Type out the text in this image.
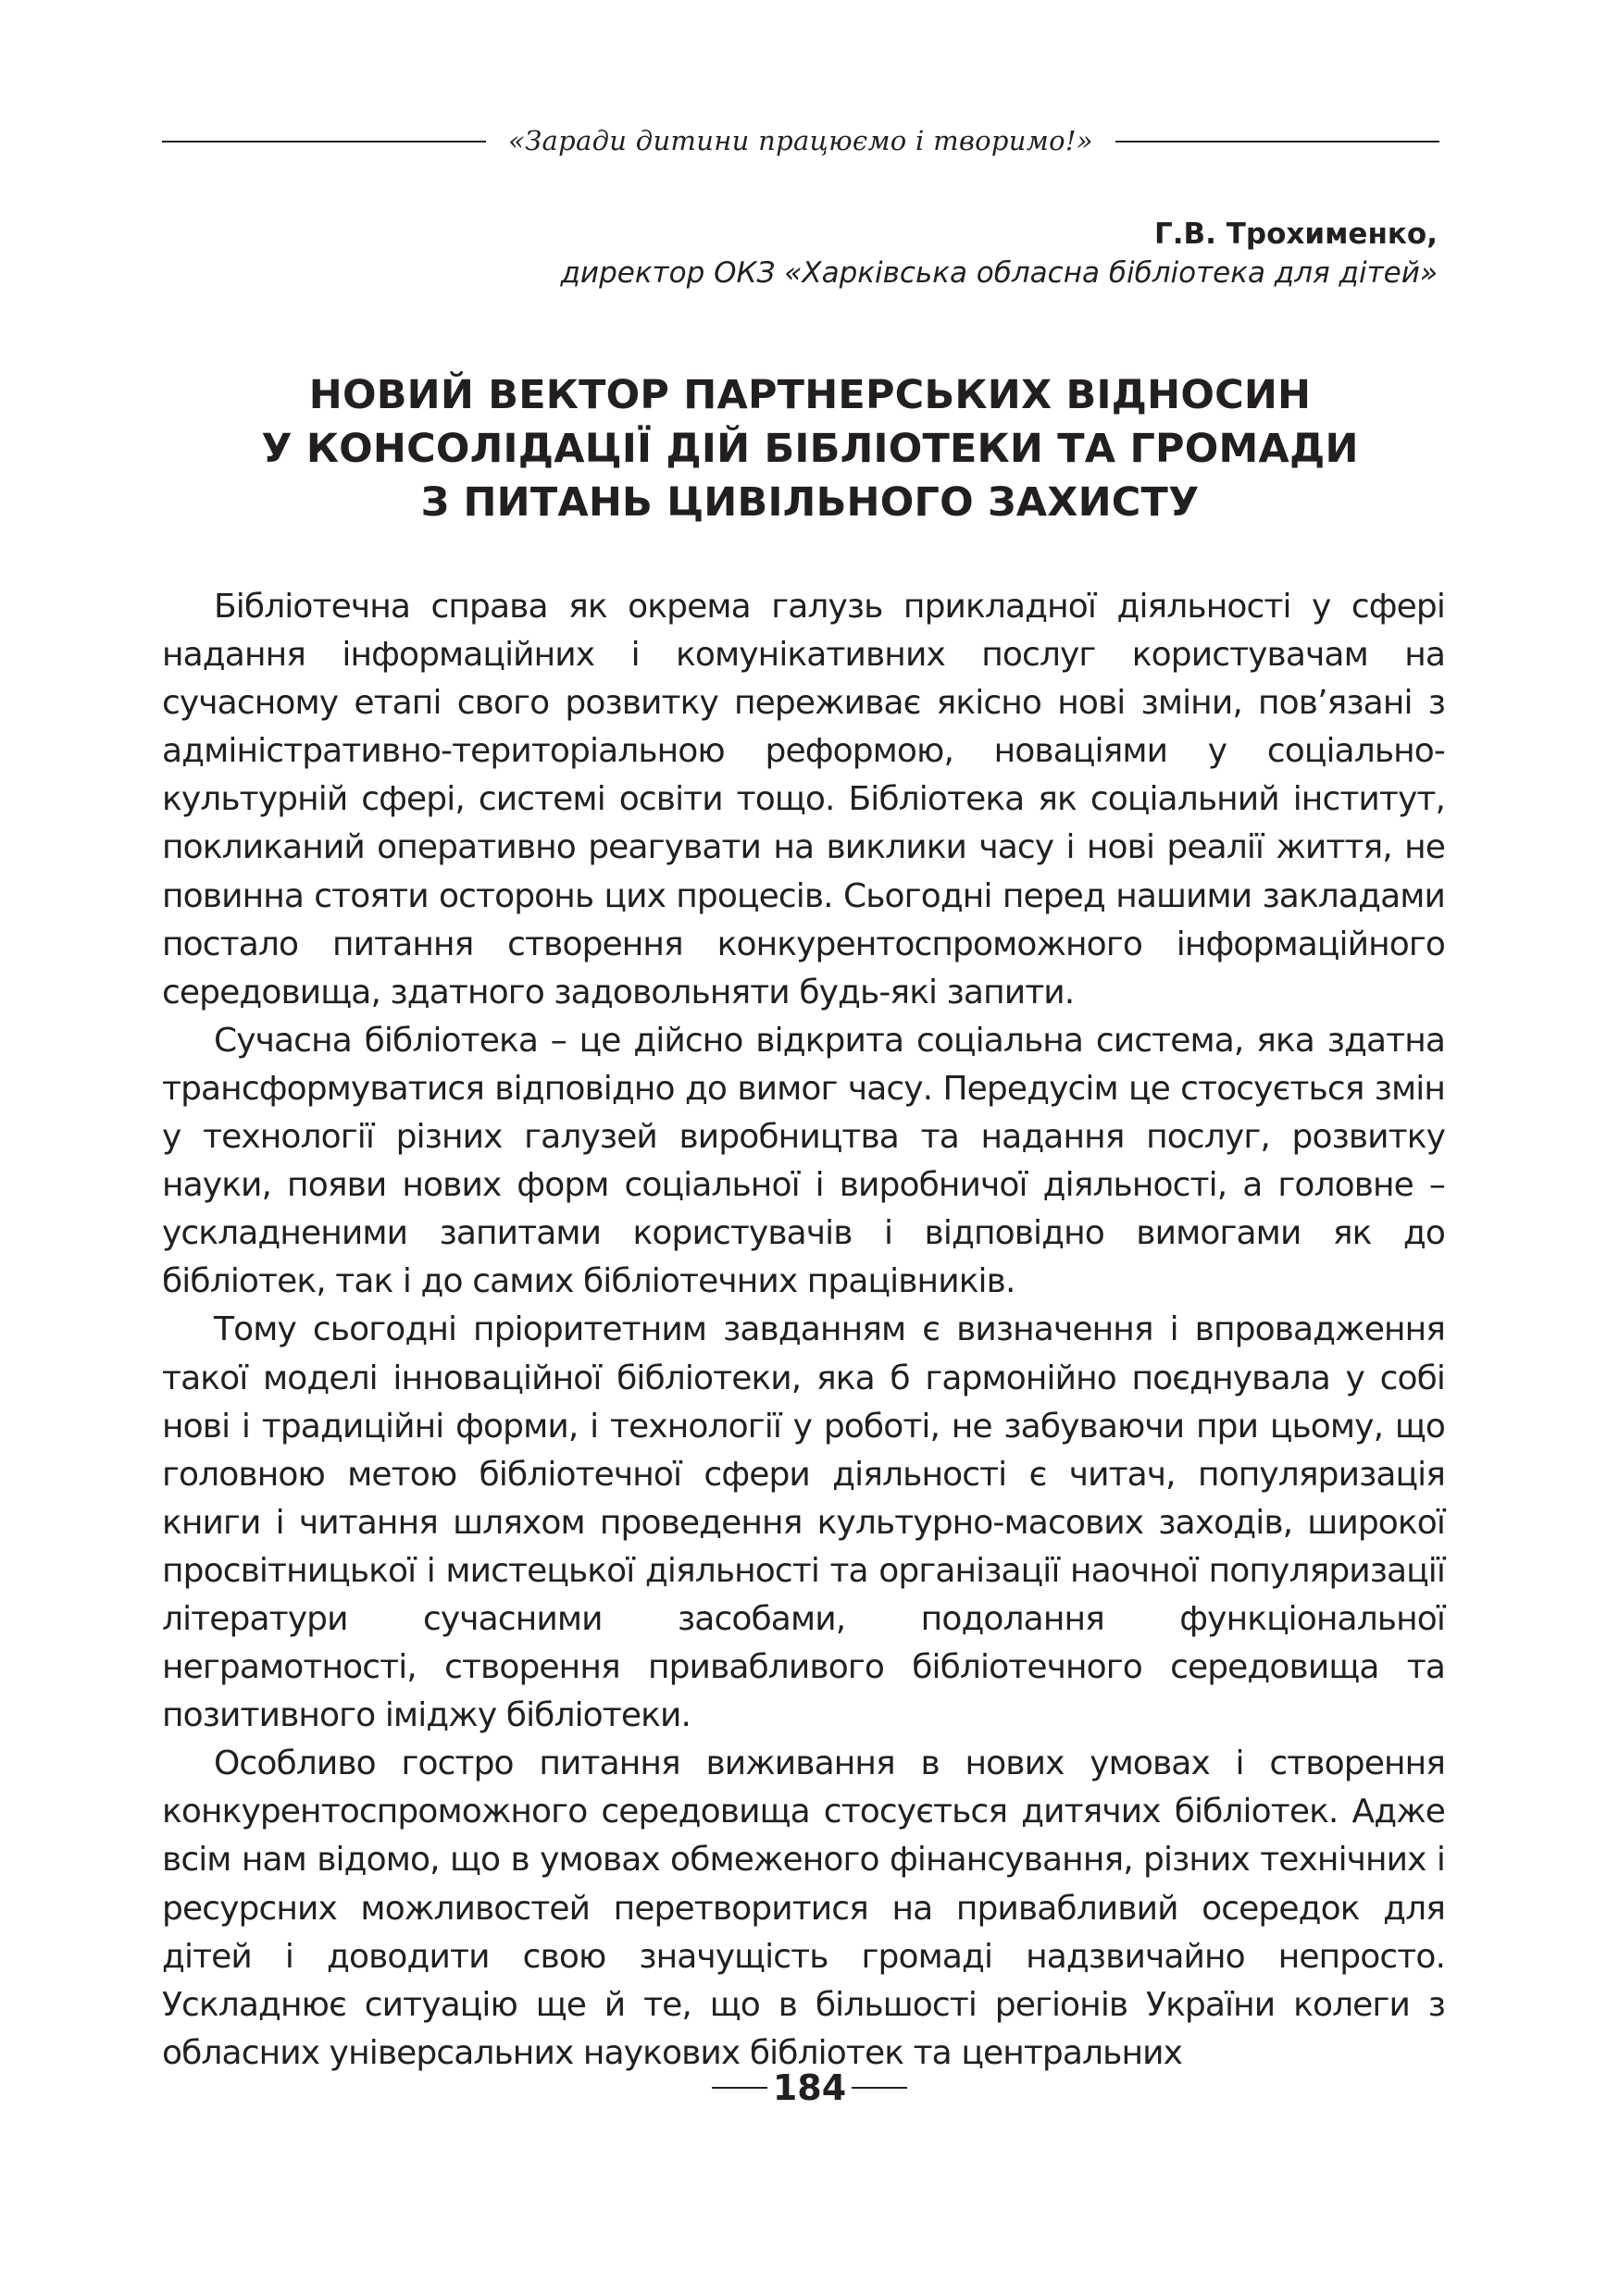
«Заради дитини працюємо і творимо!»
Г.В. Трохименко,
директор ОКЗ «Харківська обласна бібліотека для дітей»
НОВИЙ ВЕКТОР ПАРТНЕРСЬКИХ ВІДНОСИН
У КОНСОЛІДАЦІЇ ДІЙ БІБЛІОТЕКИ ТА ГРОМАДИ
З ПИТАНЬ ЦИВІЛЬНОГО ЗАХИСТУ

Бібліотечна справа як окрема галузь прикладної діяльності у сфері надання інформаційних і комунікативних послуг користувачам на сучасному етапі свого розвитку переживає якісно нові зміни, пов’язані з адміністративно-територіальною реформою, новаціями у соціально-культурній сфері, системі освіти тощо. Бібліотека як соціальний інститут, покликаний оперативно реагувати на виклики часу і нові реалії життя, не повинна стояти осторонь цих процесів. Сьогодні перед нашими закладами постало питання створення конкурентоспроможного інформаційного середовища, здатного задовольняти будь-які запити.

Сучасна бібліотека – це дійсно відкрита соціальна система, яка здатна трансформуватися відповідно до вимог часу. Передусім це стосується змін у технології різних галузей виробництва та надання послуг, розвитку науки, появи нових форм соціальної і виробничої діяльності, а головне – ускладненими запитами користувачів і відповідно вимогами як до бібліотек, так і до самих бібліотечних працівників.

Тому сьогодні пріоритетним завданням є визначення і впровадження такої моделі інноваційної бібліотеки, яка б гармонійно поєднувала у собі нові і традиційні форми, і технології у роботі, не забуваючи при цьому, що головною метою бібліотечної сфери діяльності є читач, популяризація книги і читання шляхом проведення культурно-масових заходів, широкої просвітницької і мистецької діяльності та організації наочної популяризації літератури сучасними засобами, подолання функціональної неграмотності, створення привабливого бібліотечного середовища та позитивного іміджу бібліотеки.

Особливо гостро питання виживання в нових умовах і створення конкурентоспроможного середовища стосується дитячих бібліотек. Адже всім нам відомо, що в умовах обмеженого фінансування, різних технічних і ресурсних можливостей перетворитися на привабливий осередок для дітей і доводити свою значущість громаді надзвичайно непросто. Ускладнює ситуацію ще й те, що в більшості регіонів України колеги з обласних універсальних наукових бібліотек та центральних

184
